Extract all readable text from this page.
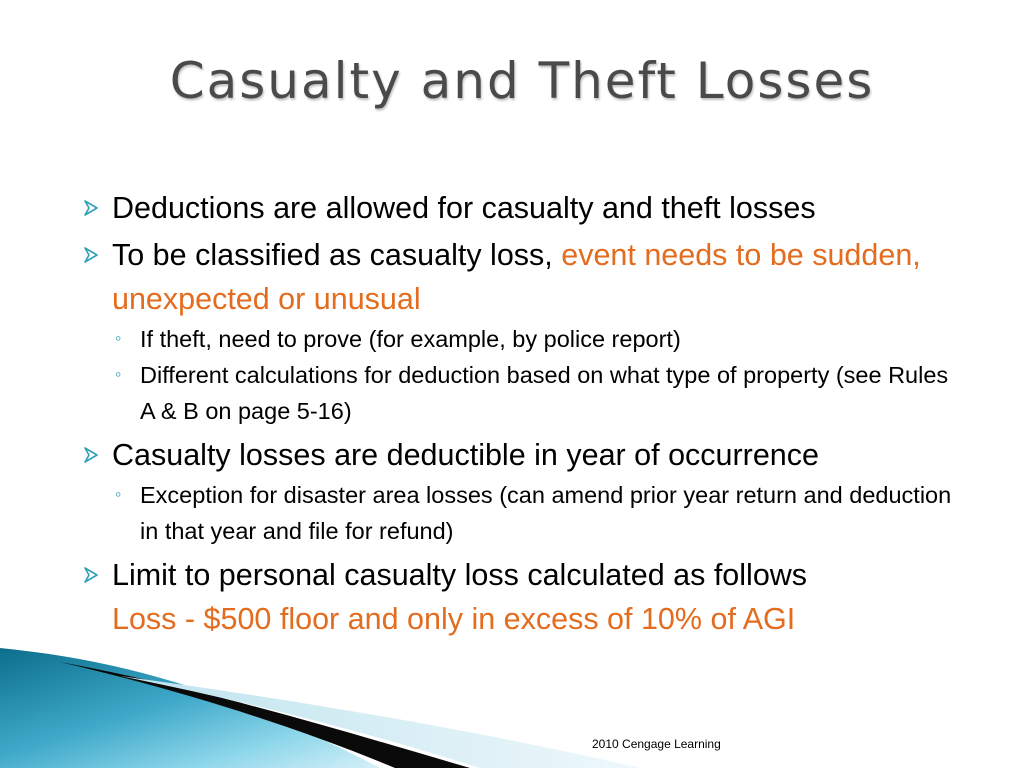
Casualty and Theft Losses
Deductions are allowed for casualty and theft losses
To be classified as casualty loss, event needs to be sudden, unexpected or unusual
◦ If theft, need to prove (for example, by police report)
◦ Different calculations for deduction based on what type of property (see Rules A & B on page 5-16)
Casualty losses are deductible in year of occurrence
◦ Exception for disaster area losses (can amend prior year return and deduction in that year and file for refund)
Limit to personal casualty loss calculated as follows
Loss - $500 floor and only in excess of 10% of AGI
2010 Cengage Learning
